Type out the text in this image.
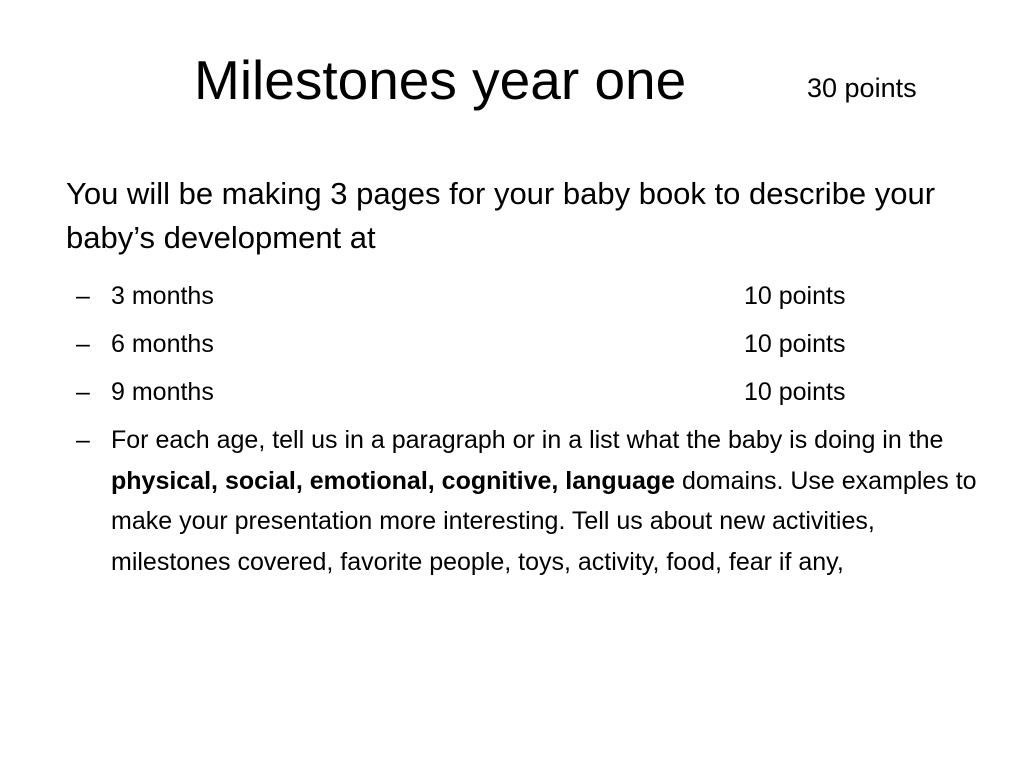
Milestones year one	30 points
You will be making 3 pages for your baby book to describe your baby’s development at
– 3 months	10 points
– 6 months	10 points
– 9 months	10 points
– For each age, tell us in a paragraph or in a list what the baby is doing in the physical, social, emotional, cognitive, language domains. Use examples to make your presentation more interesting. Tell us about new activities, milestones covered, favorite people, toys, activity, food, fear if any,
